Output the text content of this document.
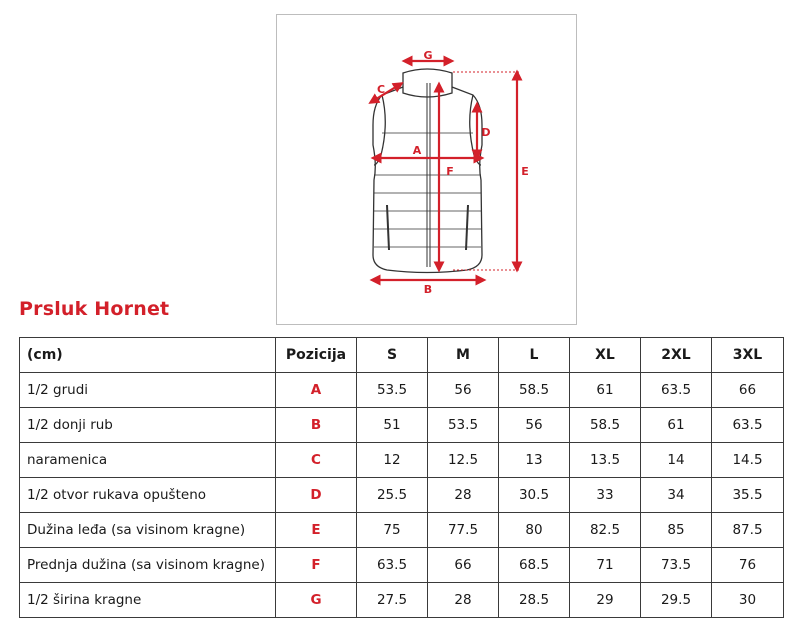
G
C
A
D
E
F
B
Prsluk Hornet
(cm)	Pozicija	S	M	L	XL	2XL	3XL
1/2 grudi	A	53.5	56	58.5	61	63.5	66
1/2 donji rub	B	51	53.5	56	58.5	61	63.5
naramenica	C	12	12.5	13	13.5	14	14.5
1/2 otvor rukava opušteno	D	25.5	28	30.5	33	34	35.5
Dužina leđa (sa visinom kragne)	E	75	77.5	80	82.5	85	87.5
Prednja dužina (sa visinom kragne)	F	63.5	66	68.5	71	73.5	76
1/2 širina kragne	G	27.5	28	28.5	29	29.5	30
